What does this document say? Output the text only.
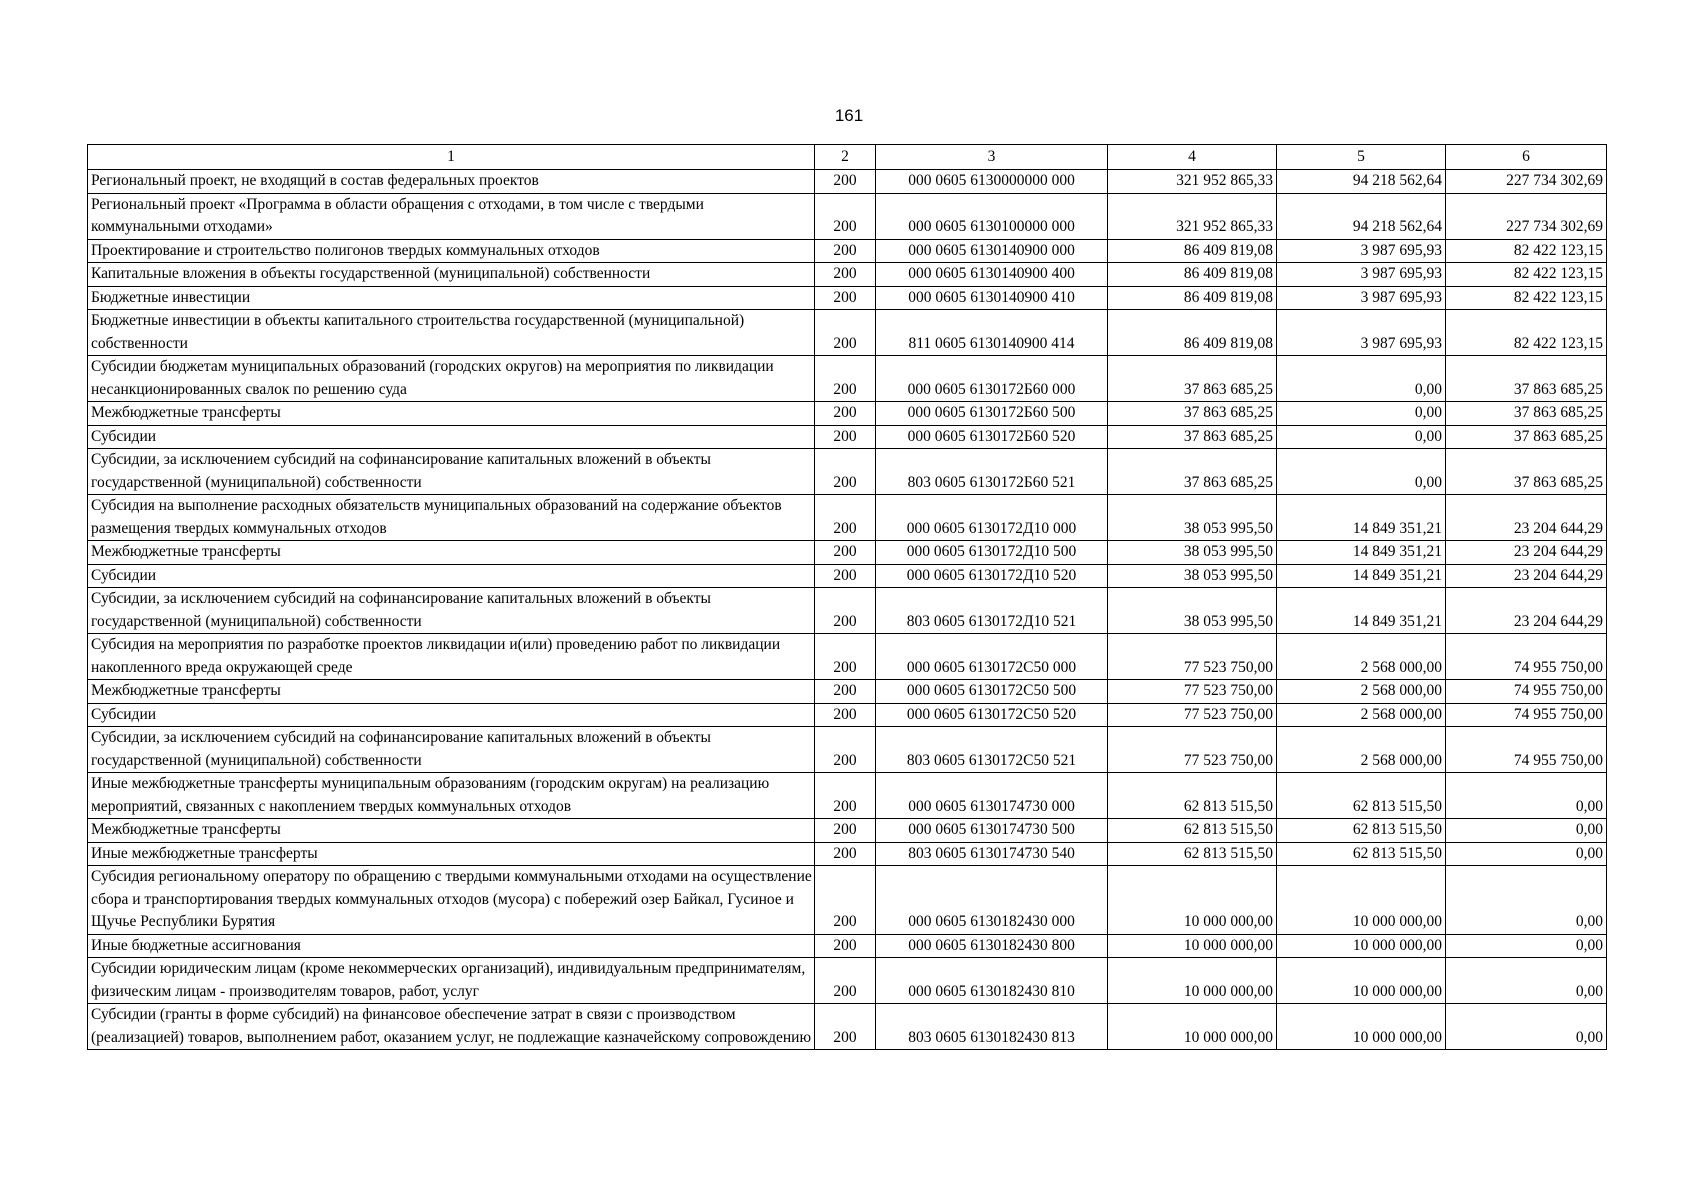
161
1	2	3	4	5	6
Региональный проект, не входящий в состав федеральных проектов	200	000 0605 6130000000 000	321 952 865,33	94 218 562,64	227 734 302,69
Региональный проект «Программа в области обращения с отходами, в том числе с твердыми коммунальными отходами»	200	000 0605 6130100000 000	321 952 865,33	94 218 562,64	227 734 302,69
Проектирование и строительство полигонов твердых коммунальных отходов	200	000 0605 6130140900 000	86 409 819,08	3 987 695,93	82 422 123,15
Капитальные вложения в объекты государственной (муниципальной) собственности	200	000 0605 6130140900 400	86 409 819,08	3 987 695,93	82 422 123,15
Бюджетные инвестиции	200	000 0605 6130140900 410	86 409 819,08	3 987 695,93	82 422 123,15
Бюджетные инвестиции в объекты капитального строительства государственной (муниципальной) собственности	200	811 0605 6130140900 414	86 409 819,08	3 987 695,93	82 422 123,15
Субсидии бюджетам муниципальных образований (городских округов) на мероприятия по ликвидации несанкционированных свалок по решению суда	200	000 0605 6130172Б60 000	37 863 685,25	0,00	37 863 685,25
Межбюджетные трансферты	200	000 0605 6130172Б60 500	37 863 685,25	0,00	37 863 685,25
Субсидии	200	000 0605 6130172Б60 520	37 863 685,25	0,00	37 863 685,25
Субсидии, за исключением субсидий на софинансирование капитальных вложений в объекты государственной (муниципальной) собственности	200	803 0605 6130172Б60 521	37 863 685,25	0,00	37 863 685,25
Субсидия на выполнение расходных обязательств муниципальных образований на содержание объектов размещения твердых коммунальных отходов	200	000 0605 6130172Д10 000	38 053 995,50	14 849 351,21	23 204 644,29
Межбюджетные трансферты	200	000 0605 6130172Д10 500	38 053 995,50	14 849 351,21	23 204 644,29
Субсидии	200	000 0605 6130172Д10 520	38 053 995,50	14 849 351,21	23 204 644,29
Субсидии, за исключением субсидий на софинансирование капитальных вложений в объекты государственной (муниципальной) собственности	200	803 0605 6130172Д10 521	38 053 995,50	14 849 351,21	23 204 644,29
Субсидия на мероприятия по разработке проектов ликвидации и(или) проведению работ по ликвидации накопленного вреда окружающей среде	200	000 0605 6130172С50 000	77 523 750,00	2 568 000,00	74 955 750,00
Межбюджетные трансферты	200	000 0605 6130172С50 500	77 523 750,00	2 568 000,00	74 955 750,00
Субсидии	200	000 0605 6130172С50 520	77 523 750,00	2 568 000,00	74 955 750,00
Субсидии, за исключением субсидий на софинансирование капитальных вложений в объекты государственной (муниципальной) собственности	200	803 0605 6130172С50 521	77 523 750,00	2 568 000,00	74 955 750,00
Иные межбюджетные трансферты муниципальным образованиям (городским округам) на реализацию мероприятий, связанных с накоплением твердых коммунальных отходов	200	000 0605 6130174730 000	62 813 515,50	62 813 515,50	0,00
Межбюджетные трансферты	200	000 0605 6130174730 500	62 813 515,50	62 813 515,50	0,00
Иные межбюджетные трансферты	200	803 0605 6130174730 540	62 813 515,50	62 813 515,50	0,00
Субсидия региональному оператору по обращению с твердыми коммунальными отходами на осуществление сбора и транспортирования твердых коммунальных отходов (мусора) с побережий озер Байкал, Гусиное и Щучье Республики Бурятия	200	000 0605 6130182430 000	10 000 000,00	10 000 000,00	0,00
Иные бюджетные ассигнования	200	000 0605 6130182430 800	10 000 000,00	10 000 000,00	0,00
Субсидии юридическим лицам (кроме некоммерческих организаций), индивидуальным предпринимателям, физическим лицам - производителям товаров, работ, услуг	200	000 0605 6130182430 810	10 000 000,00	10 000 000,00	0,00
Субсидии (гранты в форме субсидий) на финансовое обеспечение затрат в связи с производством (реализацией) товаров, выполнением работ, оказанием услуг, не подлежащие казначейскому сопровождению	200	803 0605 6130182430 813	10 000 000,00	10 000 000,00	0,00
